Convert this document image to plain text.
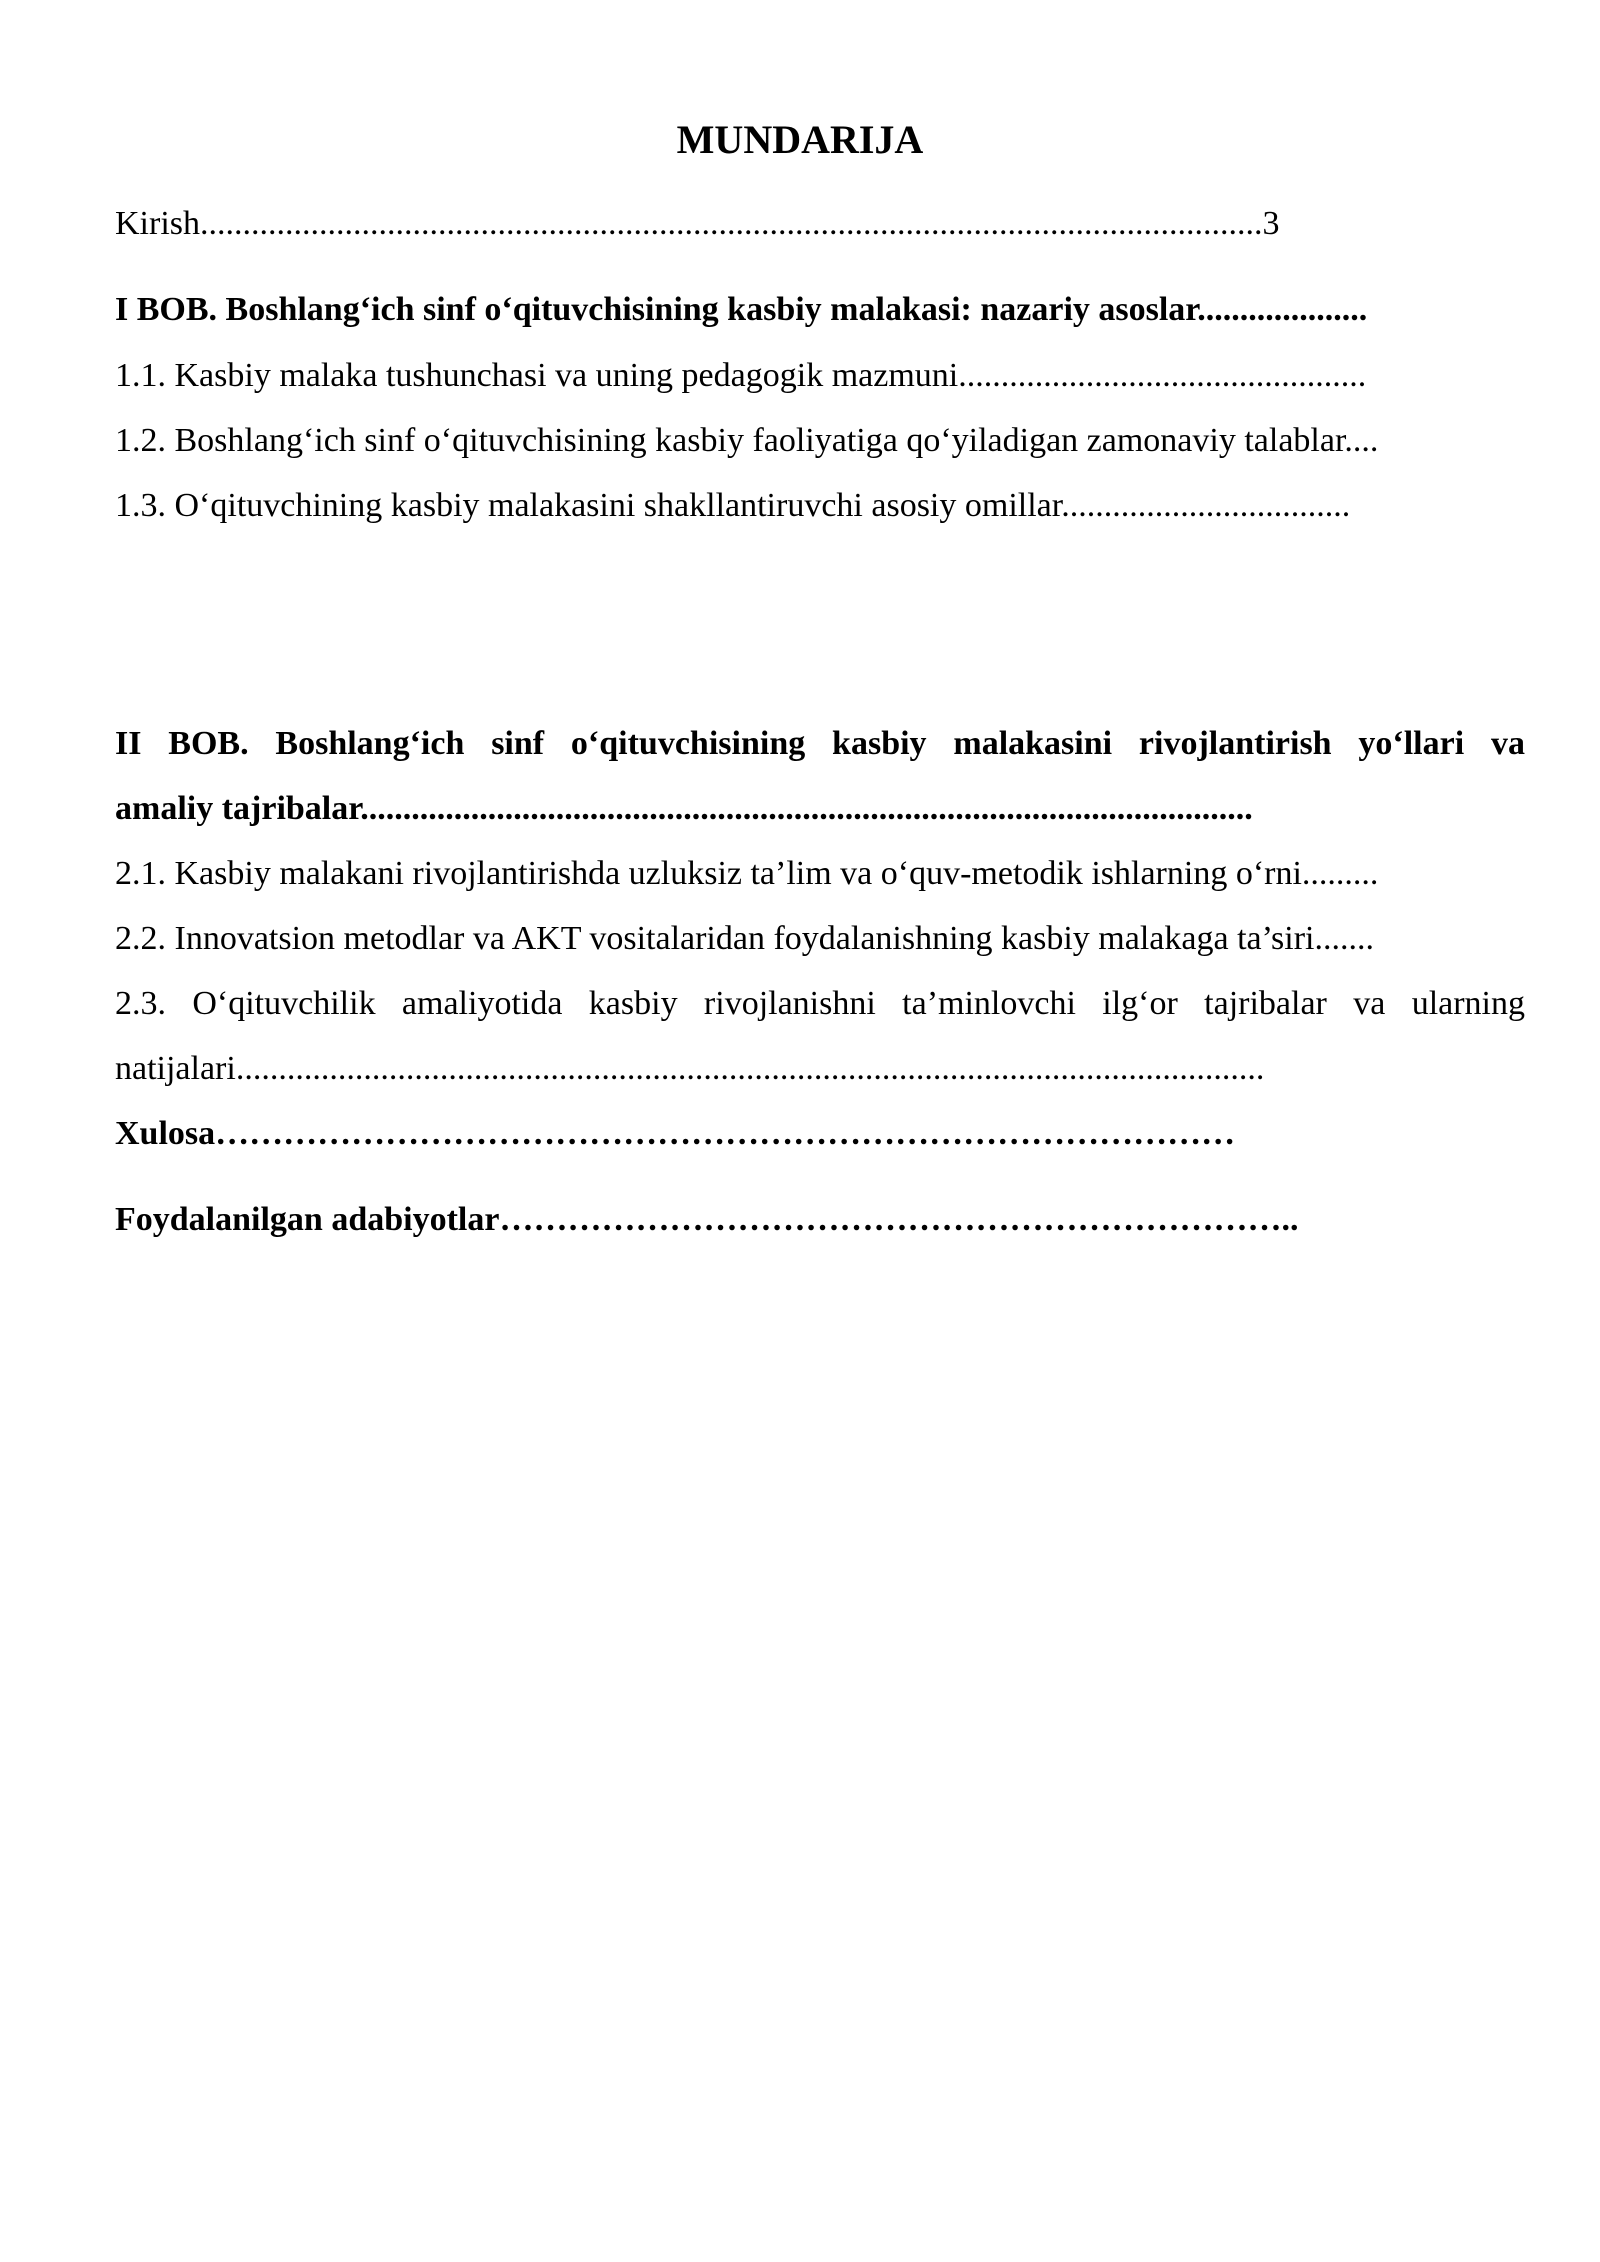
MUNDARIJA
Kirish.............................................................................................................................3
I BOB. Boshlang‘ich sinf o‘qituvchisining kasbiy malakasi: nazariy asoslar....................
1.1. Kasbiy malaka tushunchasi va uning pedagogik mazmuni................................................
1.2. Boshlang‘ich sinf o‘qituvchisining kasbiy faoliyatiga qo‘yiladigan zamonaviy talablar....
1.3. O‘qituvchining kasbiy malakasini shakllantiruvchi asosiy omillar..................................
II BOB. Boshlang‘ich sinf o‘qituvchisining kasbiy malakasini rivojlantirish yo‘llari va
amaliy tajribalar.........................................................................................................
2.1. Kasbiy malakani rivojlantirishda uzluksiz ta’lim va o‘quv-metodik ishlarning o‘rni.........
2.2. Innovatsion metodlar va AKT vositalaridan foydalanishning kasbiy malakaga ta’siri.......
2.3. O‘qituvchilik amaliyotida kasbiy rivojlanishni ta’minlovchi ilg‘or tajribalar va ularning
natijalari.........................................................................................................................
Xulosa………………………………………………………………………………
Foydalanilgan adabiyotlar……………………………………………………………..
